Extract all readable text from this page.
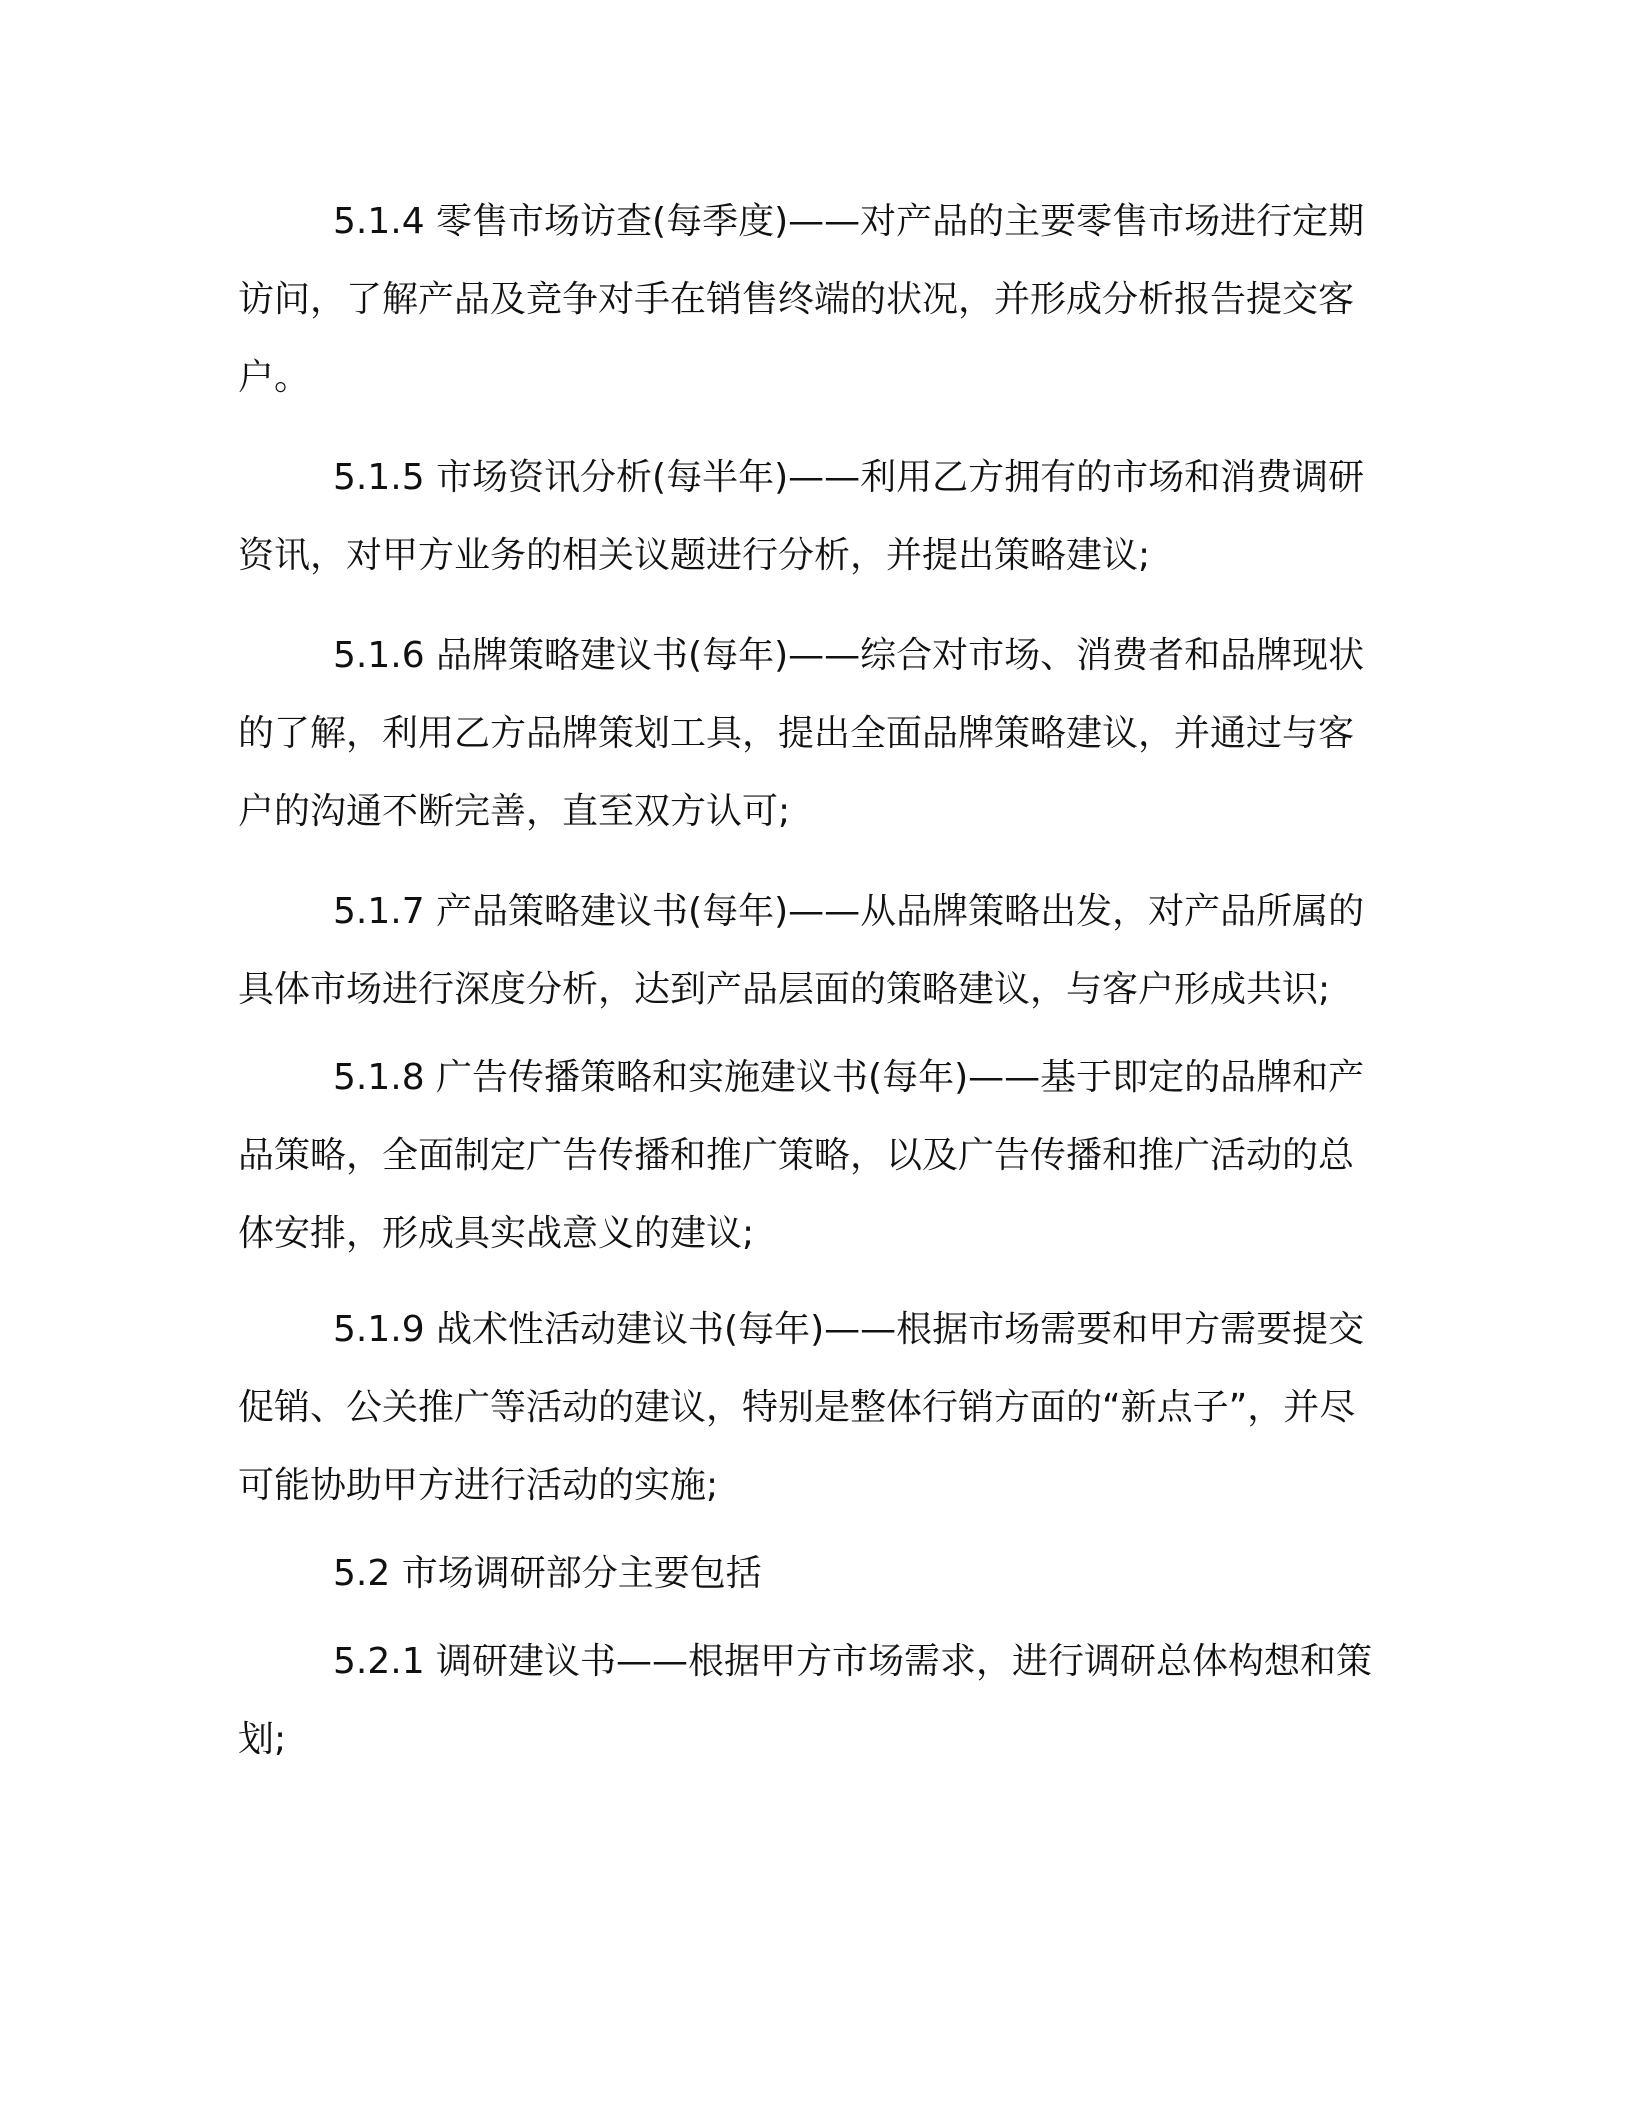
5.1.4 零售市场访查(每季度)——对产品的主要零售市场进行定期访问，了解产品及竞争对手在销售终端的状况，并形成分析报告提交客户。

5.1.5 市场资讯分析(每半年)——利用乙方拥有的市场和消费调研资讯，对甲方业务的相关议题进行分析，并提出策略建议;

5.1.6 品牌策略建议书(每年)——综合对市场、消费者和品牌现状的了解，利用乙方品牌策划工具，提出全面品牌策略建议，并通过与客户的沟通不断完善，直至双方认可;

5.1.7 产品策略建议书(每年)——从品牌策略出发，对产品所属的具体市场进行深度分析，达到产品层面的策略建议，与客户形成共识;

5.1.8 广告传播策略和实施建议书(每年)——基于即定的品牌和产品策略，全面制定广告传播和推广策略，以及广告传播和推广活动的总体安排，形成具实战意义的建议;

5.1.9 战术性活动建议书(每年)——根据市场需要和甲方需要提交促销、公关推广等活动的建议，特别是整体行销方面的“新点子”，并尽可能协助甲方进行活动的实施;

5.2 市场调研部分主要包括

5.2.1 调研建议书——根据甲方市场需求，进行调研总体构想和策划;
